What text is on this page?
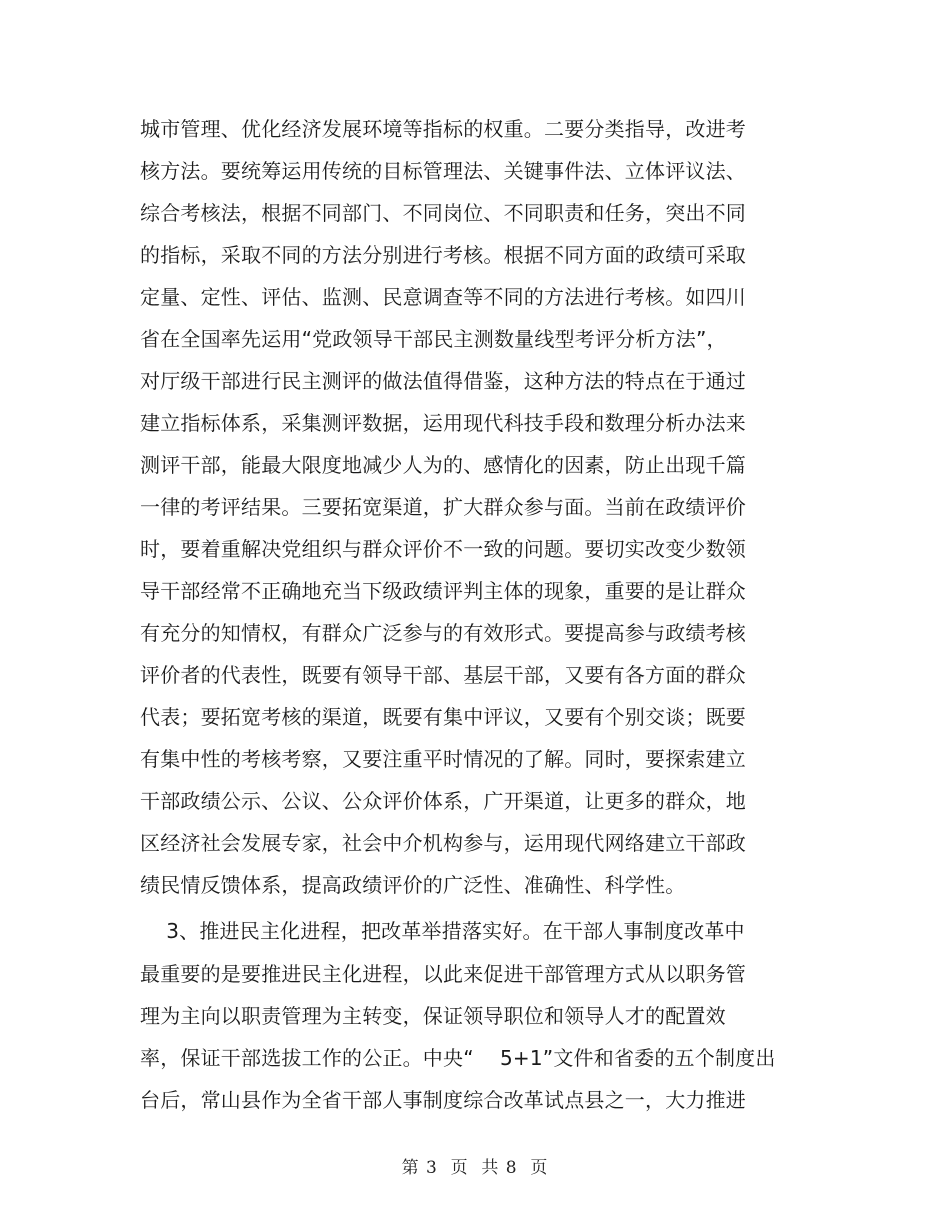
城市管理、优化经济发展环境等指标的权重。二要分类指导，改进考
核方法。要统筹运用传统的目标管理法、关键事件法、立体评议法、
综合考核法，根据不同部门、不同岗位、不同职责和任务，突出不同
的指标，采取不同的方法分别进行考核。根据不同方面的政绩可采取
定量、定性、评估、监测、民意调查等不同的方法进行考核。如四川
省在全国率先运用“党政领导干部民主测数量线型考评分析方法”，
对厅级干部进行民主测评的做法值得借鉴，这种方法的特点在于通过
建立指标体系，采集测评数据，运用现代科技手段和数理分析办法来
测评干部，能最大限度地减少人为的、感情化的因素，防止出现千篇
一律的考评结果。三要拓宽渠道，扩大群众参与面。当前在政绩评价
时，要着重解决党组织与群众评价不一致的问题。要切实改变少数领
导干部经常不正确地充当下级政绩评判主体的现象，重要的是让群众
有充分的知情权，有群众广泛参与的有效形式。要提高参与政绩考核
评价者的代表性，既要有领导干部、基层干部，又要有各方面的群众
代表；要拓宽考核的渠道，既要有集中评议，又要有个别交谈；既要
有集中性的考核考察，又要注重平时情况的了解。同时，要探索建立
干部政绩公示、公议、公众评价体系，广开渠道，让更多的群众，地
区经济社会发展专家，社会中介机构参与，运用现代网络建立干部政
绩民情反馈体系，提高政绩评价的广泛性、准确性、科学性。
3、推进民主化进程，把改革举措落实好。在干部人事制度改革中
最重要的是要推进民主化进程，以此来促进干部管理方式从以职务管
理为主向以职责管理为主转变，保证领导职位和领导人才的配置效
率，保证干部选拔工作的公正。中央“    5+1”文件和省委的五个制度出
台后，常山县作为全省干部人事制度综合改革试点县之一，大力推进
第 3  页  共 8  页
